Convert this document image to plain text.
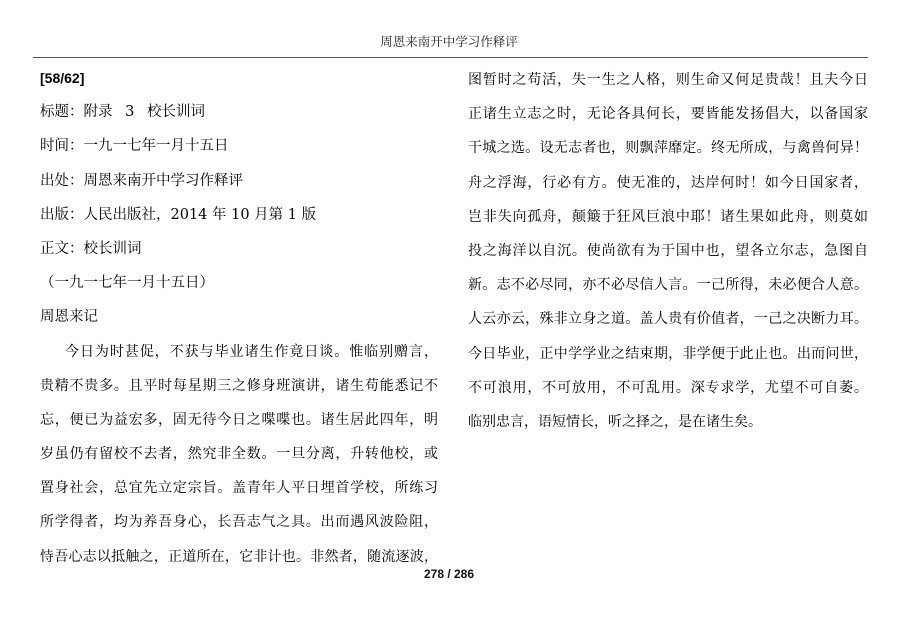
周恩来南开中学习作释评
[58/62]
标题：附录 3 校长训词
时间：一九一七年一月十五日
出处：周恩来南开中学习作释评
出版：人民出版社，2014 年 10 月第 1 版
正文：校长训词
（一九一七年一月十五日）
周恩来记
今日为时甚促，不获与毕业诸生作竟日谈。惟临别赠言，
贵精不贵多。且平时每星期三之修身班演讲，诸生苟能悉记不
忘，便已为益宏多，固无待今日之喋喋也。诸生居此四年，明
岁虽仍有留校不去者，然究非全数。一旦分离，升转他校，或
置身社会，总宜先立定宗旨。盖青年人平日埋首学校，所练习
所学得者，均为养吾身心，长吾志气之具。出而遇风波险阻，
恃吾心志以抵触之，正道所在，它非计也。非然者，随流逐波，
图暂时之苟活，失一生之人格，则生命又何足贵哉！且夫今日
正诸生立志之时，无论各具何长，要皆能发扬倡大，以备国家
干城之选。设无志者也，则飘萍靡定。终无所成，与禽兽何异！
舟之浮海，行必有方。使无准的，达岸何时！如今日国家者，
岂非失向孤舟，颠簸于狂风巨浪中耶！诸生果如此舟，则莫如
投之海洋以自沉。使尚欲有为于国中也，望各立尔志，急图自
新。志不必尽同，亦不必尽信人言。一己所得，未必便合人意。
人云亦云，殊非立身之道。盖人贵有价值者，一己之决断力耳。
今日毕业，正中学学业之结束期，非学便于此止也。出而问世，
不可浪用，不可放用，不可乱用。深专求学，尤望不可自萎。
临别忠言，语短情长，听之择之，是在诸生矣。
278 / 286
